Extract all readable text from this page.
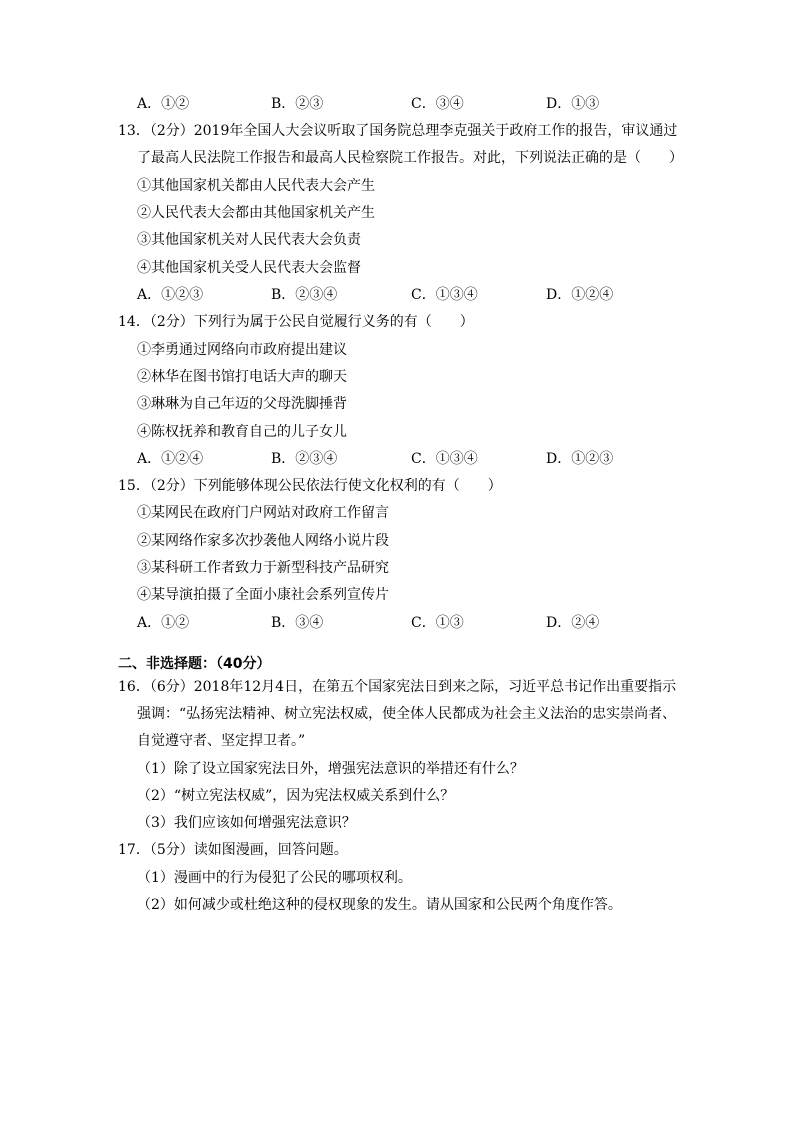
A．①②	B．②③	C．③④	D．①③
13．（2分）2019年全国人大会议听取了国务院总理李克强关于政府工作的报告，审议通过
了最高人民法院工作报告和最高人民检察院工作报告。对此，下列说法正确的是（　　）
①其他国家机关都由人民代表大会产生
②人民代表大会都由其他国家机关产生
③其他国家机关对人民代表大会负责
④其他国家机关受人民代表大会监督
A．①②③	B．②③④	C．①③④	D．①②④
14．（2分）下列行为属于公民自觉履行义务的有（　　）
①李勇通过网络向市政府提出建议
②林华在图书馆打电话大声的聊天
③琳琳为自己年迈的父母洗脚捶背
④陈权抚养和教育自己的儿子女儿
A．①②④	B．②③④	C．①③④	D．①②③
15．（2分）下列能够体现公民依法行使文化权利的有（　　）
①某网民在政府门户网站对政府工作留言
②某网络作家多次抄袭他人网络小说片段
③某科研工作者致力于新型科技产品研究
④某导演拍摄了全面小康社会系列宣传片
A．①②	B．③④	C．①③	D．②④
二、非选择题：（40分）
16．（6分）2018年12月4日，在第五个国家宪法日到来之际，习近平总书记作出重要指示
强调：“弘扬宪法精神、树立宪法权威，使全体人民都成为社会主义法治的忠实崇尚者、
自觉遵守者、坚定捍卫者。”
（1）除了设立国家宪法日外，增强宪法意识的举措还有什么？
（2）“树立宪法权威”，因为宪法权威关系到什么？
（3）我们应该如何增强宪法意识？
17．（5分）读如图漫画，回答问题。
（1）漫画中的行为侵犯了公民的哪项权利。
（2）如何减少或杜绝这种的侵权现象的发生。请从国家和公民两个角度作答。
